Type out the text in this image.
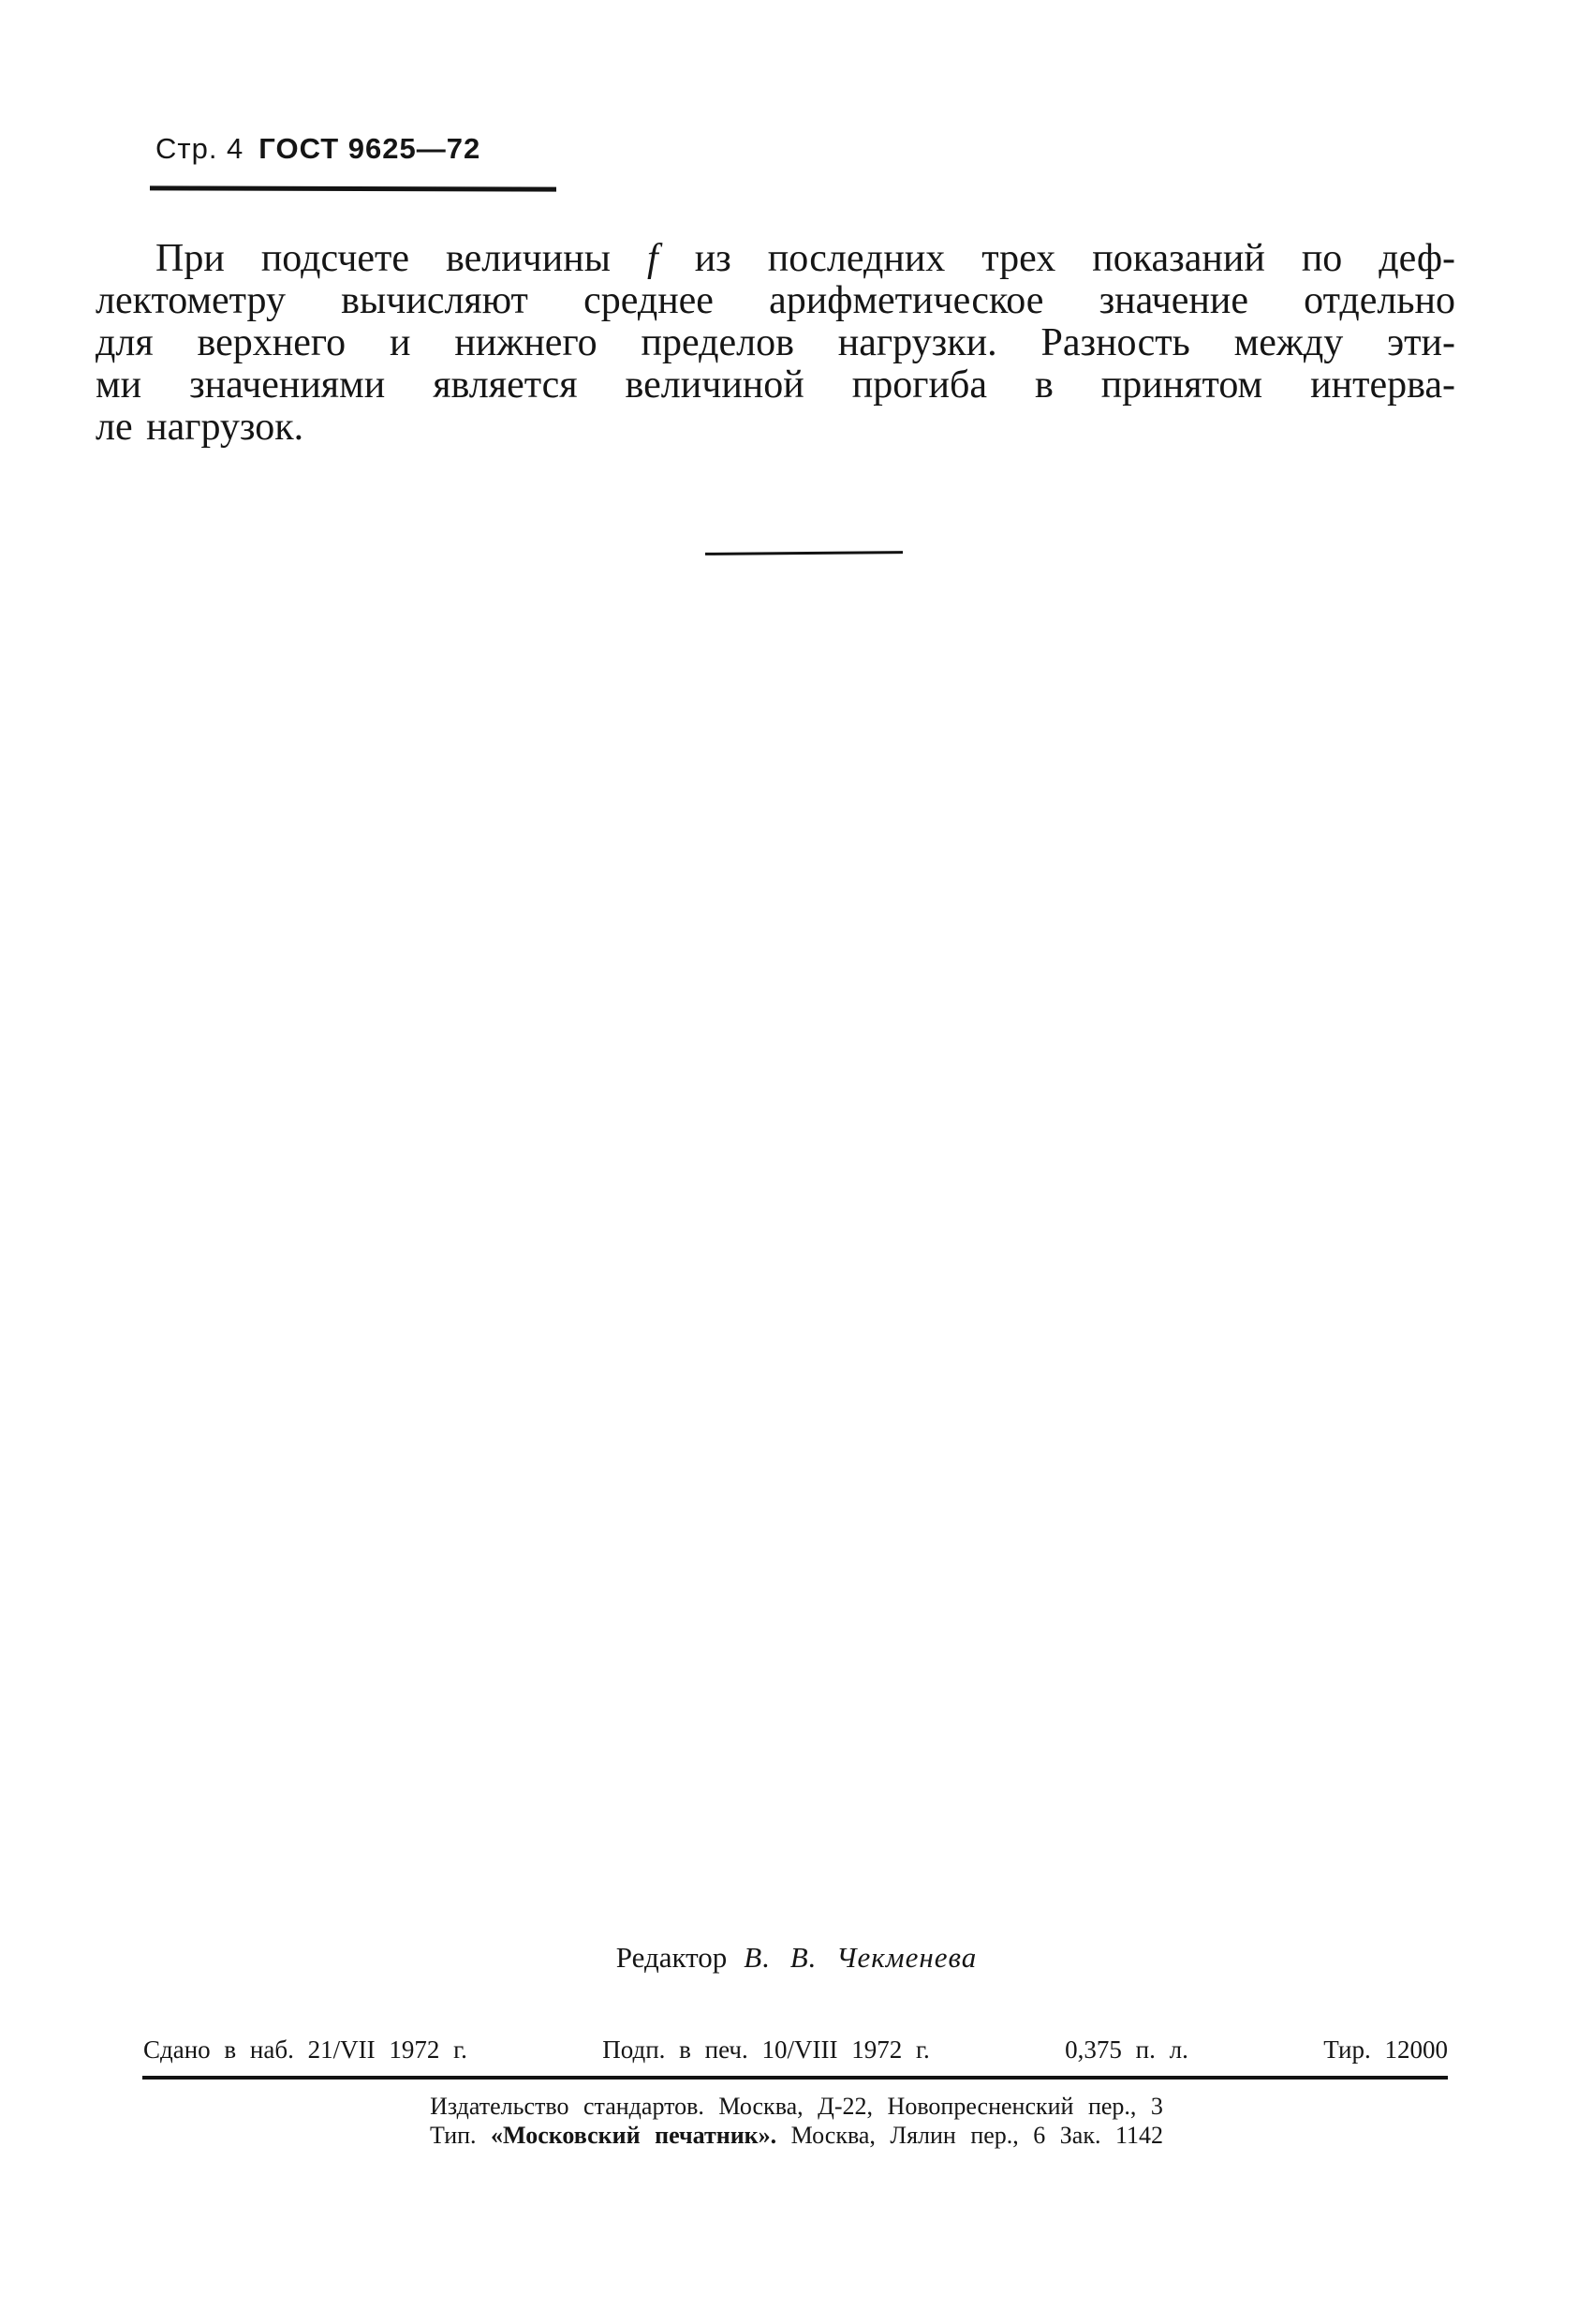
Стр. 4 ГОСТ 9625—72
При подсчете величины f из последних трех показаний по деф-
лектометру вычисляют среднее арифметическое значение отдельно
для верхнего и нижнего пределов нагрузки. Разность между эти-
ми значениями является величиной прогиба в принятом интерва-
ле нагрузок.
Редактор В. В. Чекменева
Сдано в наб. 21/VII 1972 г.	Подп. в печ. 10/VIII 1972 г.	0,375 п. л.	Тир. 12000
Издательство стандартов. Москва, Д-22, Новопресненский пер., 3
Тип. «Московский печатник». Москва, Лялин пер., 6 Зак. 1142
